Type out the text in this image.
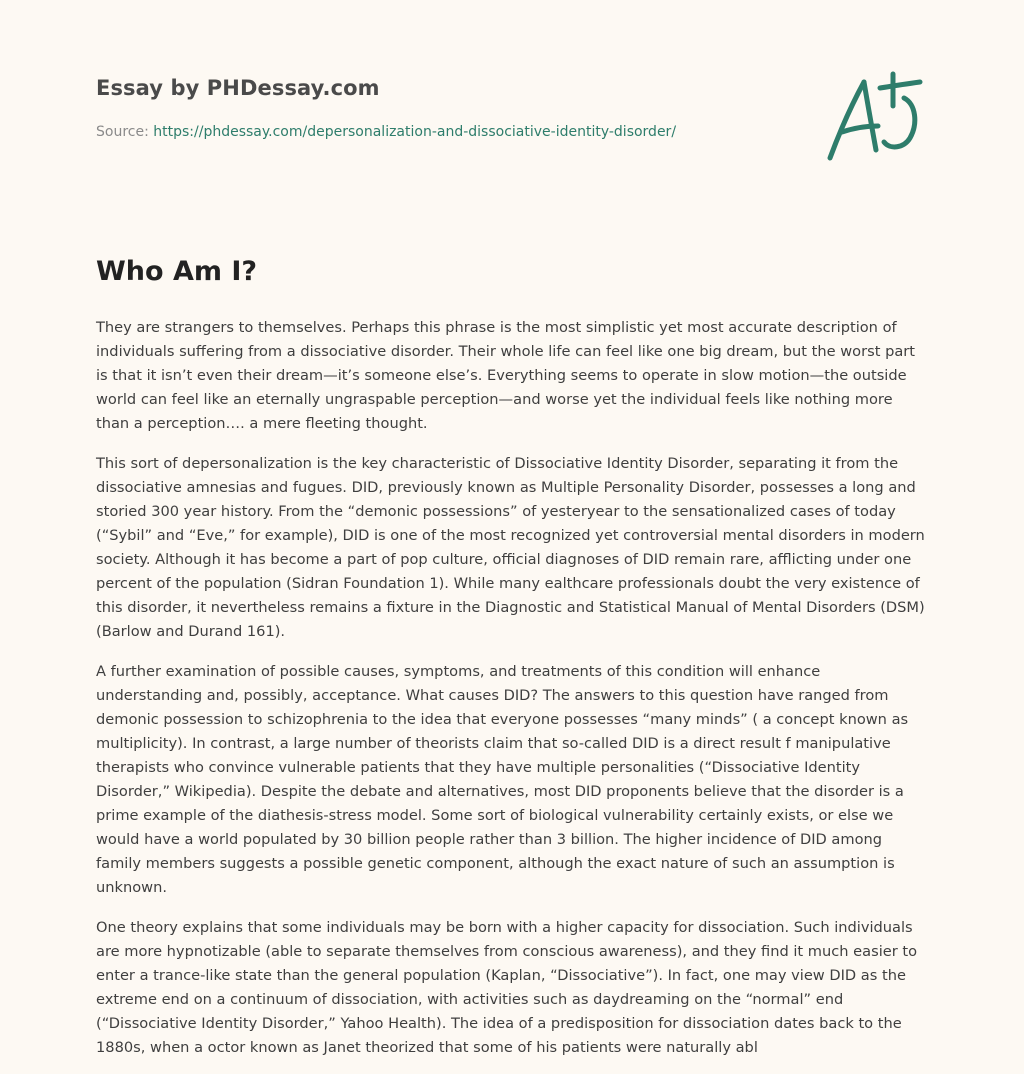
Essay by PHDessay.com
Source: https://phdessay.com/depersonalization-and-dissociative-identity-disorder/
Who Am I?

They are strangers to themselves. Perhaps this phrase is the most simplistic yet most accurate description of individuals suffering from a dissociative disorder. Their whole life can feel like one big dream, but the worst part is that it isn’t even their dream—it’s someone else’s. Everything seems to operate in slow motion—the outside world can feel like an eternally ungraspable perception—and worse yet the individual feels like nothing more than a perception…. a mere fleeting thought.

This sort of depersonalization is the key characteristic of Dissociative Identity Disorder, separating it from the dissociative amnesias and fugues. DID, previously known as Multiple Personality Disorder, possesses a long and storied 300 year history. From the “demonic possessions” of yesteryear to the sensationalized cases of today (“Sybil” and “Eve,” for example), DID is one of the most recognized yet controversial mental disorders in modern society. Although it has become a part of pop culture, official diagnoses of DID remain rare, afflicting under one percent of the population (Sidran Foundation 1). While many ealthcare professionals doubt the very existence of this disorder, it nevertheless remains a fixture in the Diagnostic and Statistical Manual of Mental Disorders (DSM) (Barlow and Durand 161).

A further examination of possible causes, symptoms, and treatments of this condition will enhance understanding and, possibly, acceptance. What causes DID? The answers to this question have ranged from demonic possession to schizophrenia to the idea that everyone possesses “many minds” ( a concept known as multiplicity). In contrast, a large number of theorists claim that so-called DID is a direct result f manipulative therapists who convince vulnerable patients that they have multiple personalities (“Dissociative Identity Disorder,” Wikipedia). Despite the debate and alternatives, most DID proponents believe that the disorder is a prime example of the diathesis-stress model. Some sort of biological vulnerability certainly exists, or else we would have a world populated by 30 billion people rather than 3 billion. The higher incidence of DID among family members suggests a possible genetic component, although the exact nature of such an assumption is unknown.

One theory explains that some individuals may be born with a higher capacity for dissociation. Such individuals are more hypnotizable (able to separate themselves from conscious awareness), and they find it much easier to enter a trance-like state than the general population (Kaplan, “Dissociative”). In fact, one may view DID as the extreme end on a continuum of dissociation, with activities such as daydreaming on the “normal” end (“Dissociative Identity Disorder,” Yahoo Health). The idea of a predisposition for dissociation dates back to the 1880s, when a octor known as Janet theorized that some of his patients were naturally abl
